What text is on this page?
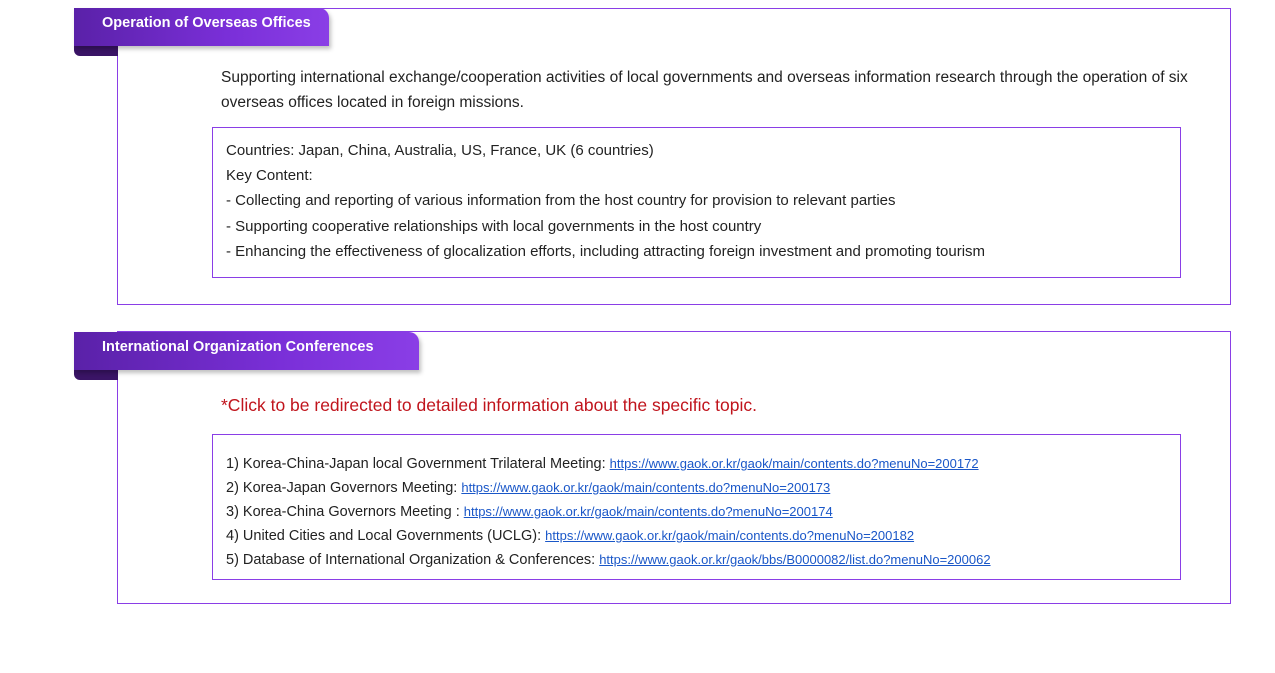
Operation of Overseas Offices
Supporting international exchange/cooperation activities of local governments and overseas information research through the operation of six overseas offices located in foreign missions.
Countries: Japan, China, Australia, US, France, UK (6 countries)
Key Content:
- Collecting and reporting of various information from the host country for provision to relevant parties
- Supporting cooperative relationships with local governments in the host country
- Enhancing the effectiveness of glocalization efforts, including attracting foreign investment and promoting tourism
International Organization Conferences
*Click to be redirected to detailed information about the specific topic.
1) Korea-China-Japan local Government Trilateral Meeting: https://www.gaok.or.kr/gaok/main/contents.do?menuNo=200172
2) Korea-Japan Governors Meeting: https://www.gaok.or.kr/gaok/main/contents.do?menuNo=200173
3) Korea-China Governors Meeting : https://www.gaok.or.kr/gaok/main/contents.do?menuNo=200174
4) United Cities and Local Governments (UCLG): https://www.gaok.or.kr/gaok/main/contents.do?menuNo=200182
5) Database of International Organization & Conferences: https://www.gaok.or.kr/gaok/bbs/B0000082/list.do?menuNo=200062
